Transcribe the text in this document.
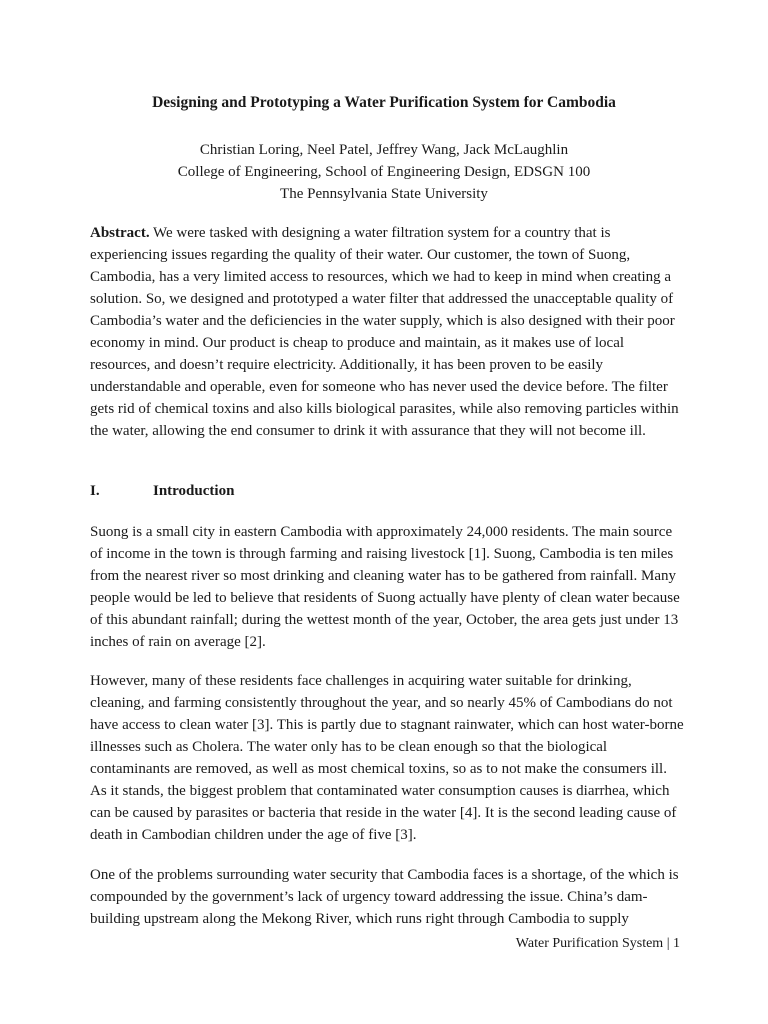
Designing and Prototyping a Water Purification System for Cambodia
Christian Loring, Neel Patel, Jeffrey Wang, Jack McLaughlin
College of Engineering, School of Engineering Design, EDSGN 100
The Pennsylvania State University
Abstract. We were tasked with designing a water filtration system for a country that is experiencing issues regarding the quality of their water. Our customer, the town of Suong, Cambodia, has a very limited access to resources, which we had to keep in mind when creating a solution. So, we designed and prototyped a water filter that addressed the unacceptable quality of Cambodia’s water and the deficiencies in the water supply, which is also designed with their poor economy in mind. Our product is cheap to produce and maintain, as it makes use of local resources, and doesn’t require electricity. Additionally, it has been proven to be easily understandable and operable, even for someone who has never used the device before. The filter gets rid of chemical toxins and also kills biological parasites, while also removing particles within the water, allowing the end consumer to drink it with assurance that they will not become ill.
I.	Introduction
Suong is a small city in eastern Cambodia with approximately 24,000 residents. The main source of income in the town is through farming and raising livestock [1]. Suong, Cambodia is ten miles from the nearest river so most drinking and cleaning water has to be gathered from rainfall. Many people would be led to believe that residents of Suong actually have plenty of clean water because of this abundant rainfall; during the wettest month of the year, October, the area gets just under 13 inches of rain on average [2].
However, many of these residents face challenges in acquiring water suitable for drinking, cleaning, and farming consistently throughout the year, and so nearly 45% of Cambodians do not have access to clean water [3]. This is partly due to stagnant rainwater, which can host water-borne illnesses such as Cholera. The water only has to be clean enough so that the biological contaminants are removed, as well as most chemical toxins, so as to not make the consumers ill. As it stands, the biggest problem that contaminated water consumption causes is diarrhea, which can be caused by parasites or bacteria that reside in the water [4]. It is the second leading cause of death in Cambodian children under the age of five [3].
One of the problems surrounding water security that Cambodia faces is a shortage, of the which is compounded by the government’s lack of urgency toward addressing the issue. China’s dam-building upstream along the Mekong River, which runs right through Cambodia to supply
Water Purification System | 1
